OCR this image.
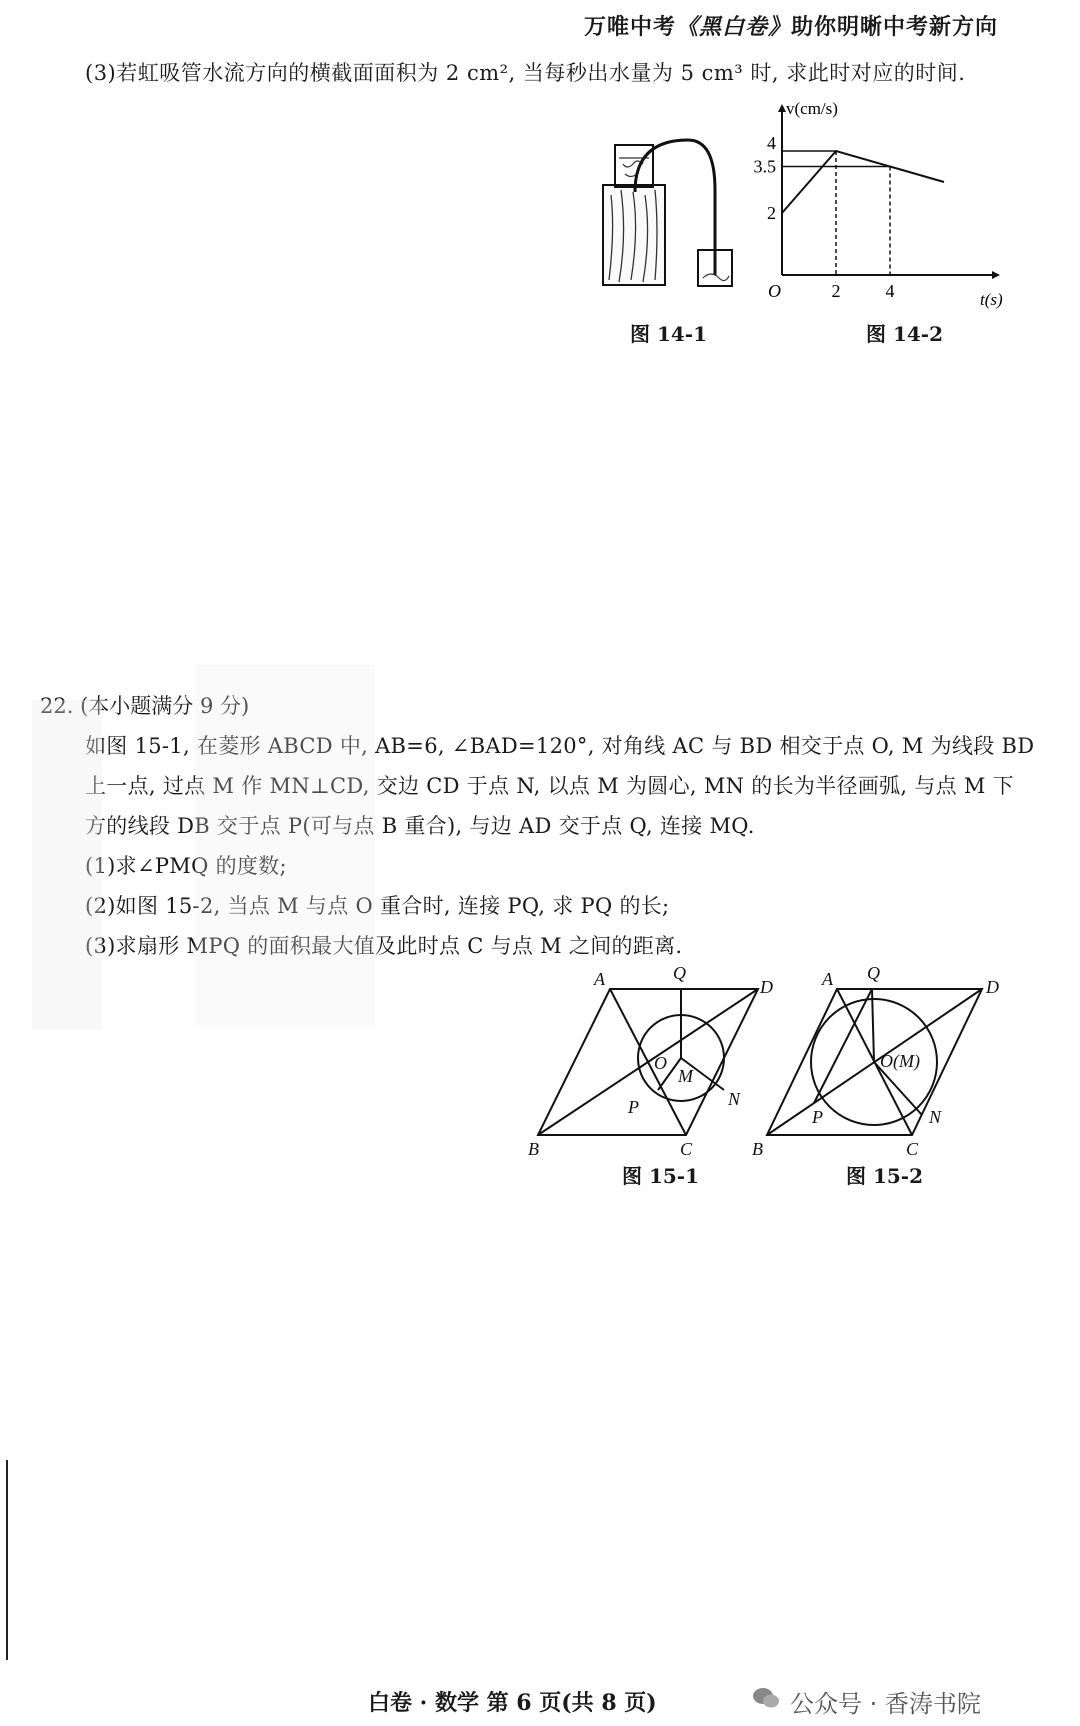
万唯中考《黑白卷》助你明晰中考新方向
(3)若虹吸管水流方向的横截面面积为 2 cm², 当每秒出水量为 5 cm³ 时, 求此时对应的时间.
图 14-1
4
3.5
2
2	4
O
v(cm/s)
t(s)
图 14-2
22. (本小题满分 9 分)
如图 15-1, 在菱形 ABCD 中, AB=6, ∠BAD=120°, 对角线 AC 与 BD 相交于点 O, M 为线段 BD
上一点, 过点 M 作 MN⊥CD, 交边 CD 于点 N, 以点 M 为圆心, MN 的长为半径画弧, 与点 M 下
方的线段 DB 交于点 P(可与点 B 重合), 与边 AD 交于点 Q, 连接 MQ.
(1)求∠PMQ 的度数;
(2)如图 15-2, 当点 M 与点 O 重合时, 连接 PQ, 求 PQ 的长;
(3)求扇形 MPQ 的面积最大值及此时点 C 与点 M 之间的距离.
A	Q
D
O
M
P	N
B	C
图 15-1
A Q
D
O(M)
P	N
B	C
图 15-2
白卷 · 数学 第 6 页(共 8 页)	公众号 · 香涛书院
